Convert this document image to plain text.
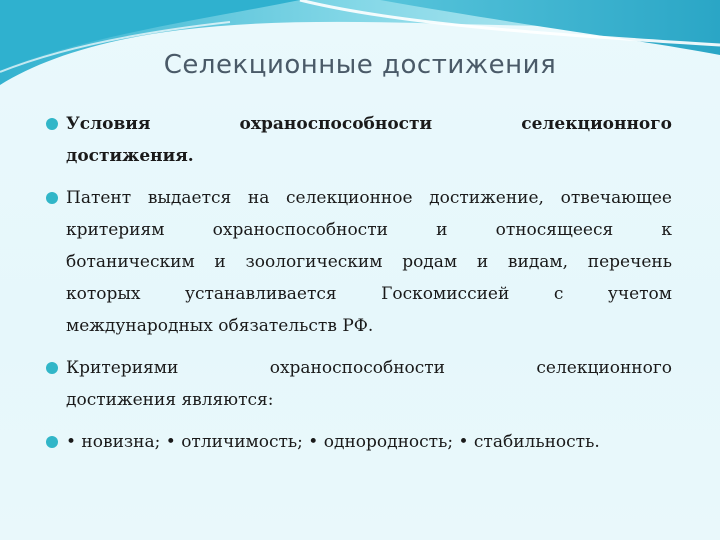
Селекционные достижения
Условия охраноспособности селекционного
достижения.
Патент выдается на селекционное достижение, отвечающее
критериям охраноспособности и относящееся к
ботаническим и зоологическим родам и видам, перечень
которых устанавливается Госкомиссией с учетом
международных обязательств РФ.
Критериями охраноспособности селекционного
достижения являются:
• новизна; • отличимость; • однородность; • стабильность.
